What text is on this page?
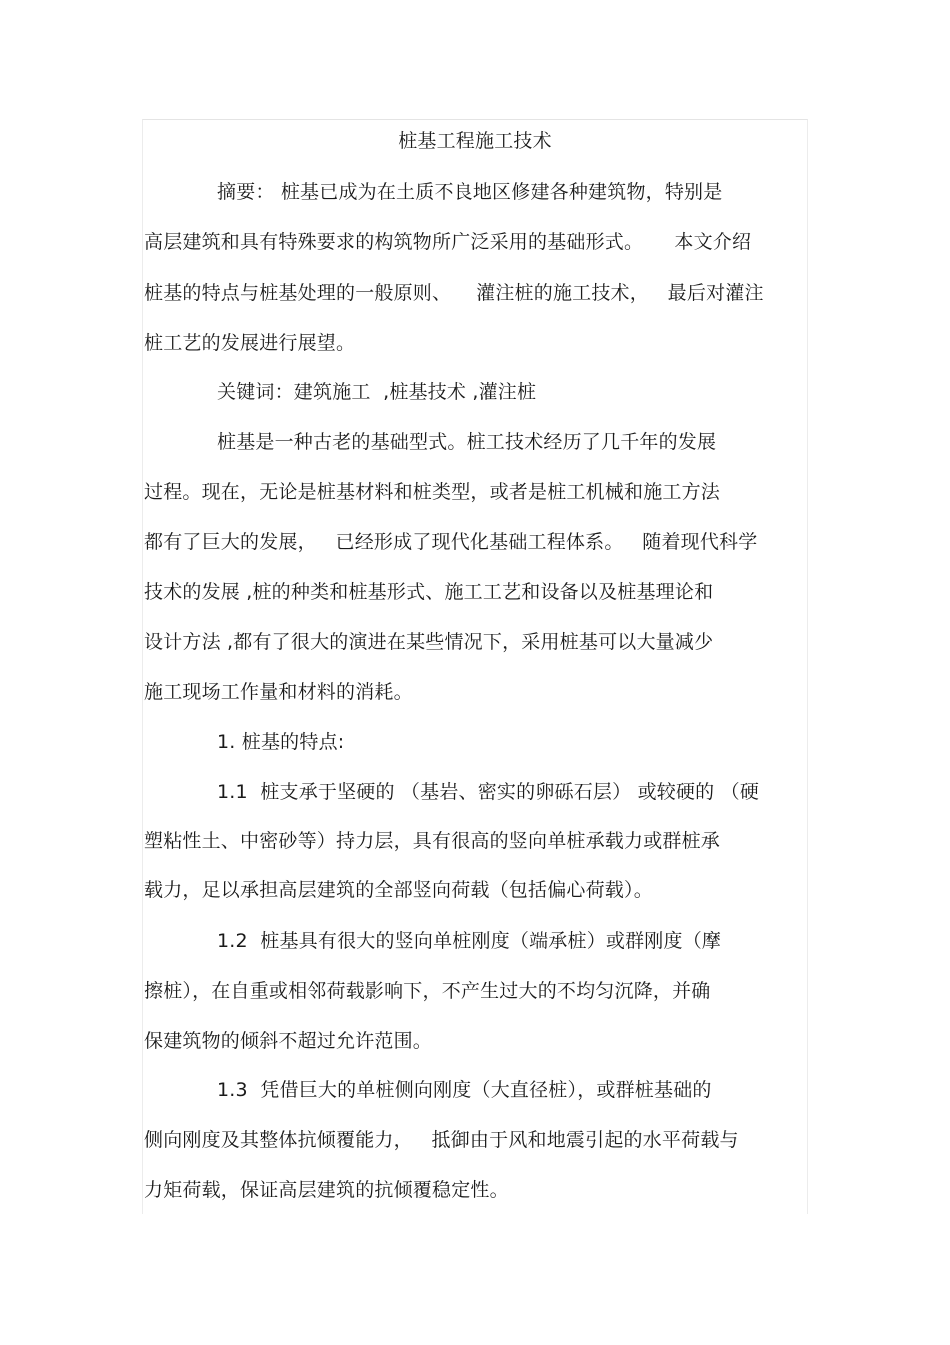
桩基工程施工技术
摘要： 桩基已成为在土质不良地区修建各种建筑物，特别是
高层建筑和具有特殊要求的构筑物所广泛采用的基础形式。     本文介绍
桩基的特点与桩基处理的一般原则、    灌注桩的施工技术，   最后对灌注
桩工艺的发展进行展望。
关键词：建筑施工  ,桩基技术 ,灌注桩
桩基是一种古老的基础型式。桩工技术经历了几千年的发展
过程。现在，无论是桩基材料和桩类型，或者是桩工机械和施工方法
都有了巨大的发展，   已经形成了现代化基础工程体系。   随着现代科学
技术的发展 ,桩的种类和桩基形式、施工工艺和设备以及桩基理论和
设计方法 ,都有了很大的演进在某些情况下，采用桩基可以大量减少
施工现场工作量和材料的消耗。
1. 桩基的特点:
1.1  桩支承于坚硬的 （基岩、密实的卵砾石层） 或较硬的 （硬
塑粘性土、中密砂等）持力层，具有很高的竖向单桩承载力或群桩承
载力，足以承担高层建筑的全部竖向荷载（包括偏心荷载）。
1.2  桩基具有很大的竖向单桩刚度（端承桩）或群刚度（摩
擦桩），在自重或相邻荷载影响下，不产生过大的不均匀沉降，并确
保建筑物的倾斜不超过允许范围。
1.3  凭借巨大的单桩侧向刚度（大直径桩），或群桩基础的
侧向刚度及其整体抗倾覆能力，   抵御由于风和地震引起的水平荷载与
力矩荷载，保证高层建筑的抗倾覆稳定性。
